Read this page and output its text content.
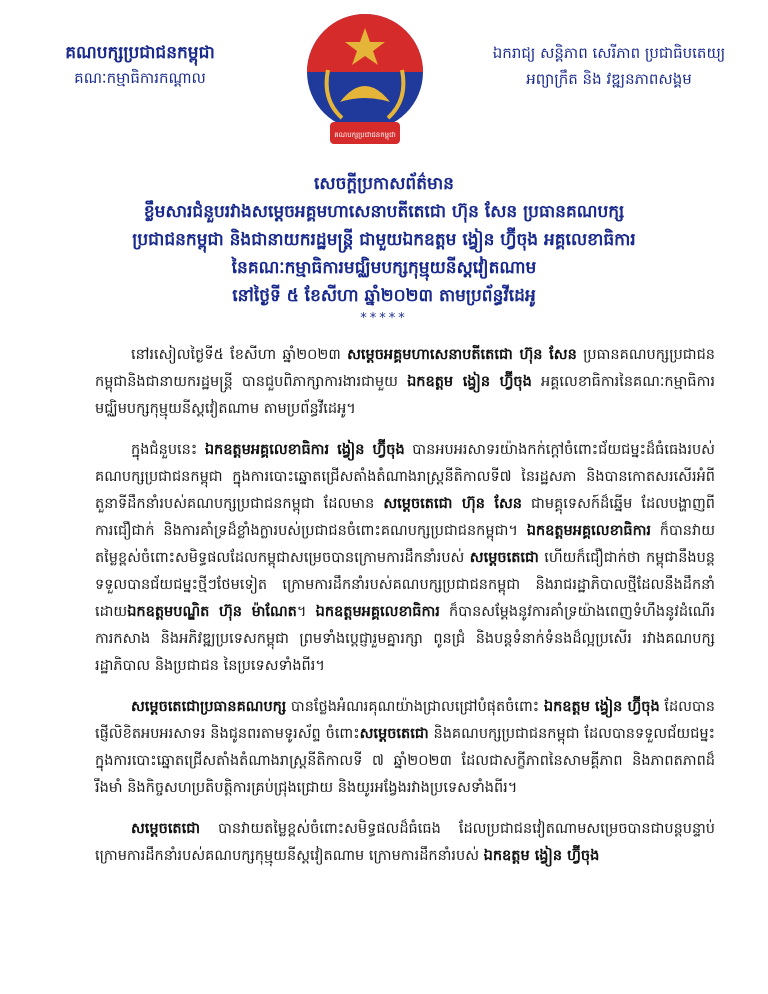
គណបក្សប្រជាជនកម្ពុជា
គណៈកម្មាធិការកណ្ដាល
គណបក្សប្រជាជនកម្ពុជា
ឯករាជ្យ សន្តិភាព សេរីភាព ប្រជាធិបតេយ្យ
អព្យាក្រឹត និង វឌ្ឍនភាពសង្គម
សេចក្តីប្រកាសព័ត៌មាន
ខ្លឹមសារជំនួបរវាងសម្តេចអគ្គមហាសេនាបតីតេជោ ហ៊ុន សែន ប្រធានគណបក្ស
ប្រជាជនកម្ពុជា និងជានាយករដ្ឋមន្រ្តី ជាមួយឯកឧត្តម ង្វៀន ហ្វ៊ីចុង អគ្គលេខាធិការ
នៃគណៈកម្មាធិការមជ្ឈិមបក្សកុម្មុយនីស្តវៀតណាម
នៅថ្ងៃទី ៥ ខែសីហា ឆ្នាំ២០២៣ តាមប្រព័ន្ធវីដេអូ
*****

នៅរសៀលថ្ងៃទី៥ ខែសីហា ឆ្នាំ២០២៣ សម្តេចអគ្គមហាសេនាបតីតេជោ ហ៊ុន សែន ប្រធានគណបក្សប្រជាជនកម្ពុជានិងជានាយករដ្ឋមន្ត្រី បានជួបពិភាក្សាការងារជាមួយ ឯកឧត្តម ង្វៀន ហ្វ៊ីចុង អគ្គលេខាធិការនៃគណៈកម្មាធិការមជ្ឈិមបក្សកុម្មុយនីស្តវៀតណាម តាមប្រព័ន្ធវីដេអូ។

ក្នុងជំនួបនេះ ឯកឧត្តមអគ្គលេខាធិការ ង្វៀន ហ្វ៊ីចុង បានអបអរសាទរយ៉ាងកក់ក្តៅចំពោះជ័យជម្នះដ៏ធំធេងរបស់គណបក្សប្រជាជនកម្ពុជា ក្នុងការបោះឆ្នោតជ្រើសតាំងតំណាងរាស្ត្រនីតិកាលទី៧ នៃរដ្ឋសភា និងបានកោតសរសើរអំពីតួនាទីដឹកនាំរបស់គណបក្សប្រជាជនកម្ពុជា ដែលមាន សម្តេចតេជោ ហ៊ុន សែន ជាមគ្គុទេសក៍ដ៏ឆ្នើម ដែលបង្ហាញពីការជឿជាក់ និងការគាំទ្រដ៏ខ្លាំងក្លារបស់ប្រជាជនចំពោះគណបក្សប្រជាជនកម្ពុជា។ ឯកឧត្តមអគ្គលេខាធិការ ក៏បានវាយតម្លៃខ្ពស់ចំពោះសមិទ្ធផលដែលកម្ពុជាសម្រេចបានក្រោមការដឹកនាំរបស់ សម្តេចតេជោ ហើយក៏ជឿជាក់ថា កម្ពុជានឹងបន្តទទួលបានជ័យជម្នះថ្មីៗថែមទៀត ក្រោមការដឹកនាំរបស់គណបក្សប្រជាជនកម្ពុជា និងរាជរដ្ឋាភិបាលថ្មីដែលនឹងដឹកនាំដោយឯកឧត្តមបណ្ឌិត ហ៊ុន ម៉ាណែត។ ឯកឧត្តមអគ្គលេខាធិការ ក៏បានសម្តែងនូវការគាំទ្រយ៉ាងពេញទំហឹងនូវដំណើរការកសាង និងអភិវឌ្ឍប្រទេសកម្ពុជា ព្រមទាំងប្តេជ្ញារួមគ្នារក្សា ពូនជ្រំ និងបន្តទំនាក់ទំនងដ៏ល្អប្រសើរ រវាងគណបក្ស រដ្ឋាភិបាល និងប្រជាជន នៃប្រទេសទាំងពីរ។

សម្តេចតេជោប្រធានគណបក្ស បានថ្លែងអំណរគុណយ៉ាងជ្រាលជ្រៅបំផុតចំពោះ ឯកឧត្តម ង្វៀន ហ្វ៊ីចុង ដែលបានផ្ញើលិខិតអបអរសាទរ និងជូនពរតាមទូរស័ព្ទ ចំពោះសម្តេចតេជោ និងគណបក្សប្រជាជនកម្ពុជា ដែលបានទទួលជ័យជម្នះក្នុងការបោះឆ្នោតជ្រើសតាំងតំណាងរាស្ត្រនីតិកាលទី ៧ ឆ្នាំ២០២៣ ដែលជាសក្ខីភាពនៃសាមគ្គីភាព និងភាពតភាពដ៏រឹងមាំ និងកិច្ចសហប្រតិបត្តិការគ្រប់ជ្រុងជ្រោយ និងយូរអង្វែងរវាងប្រទេសទាំងពីរ។

សម្តេចតេជោ បានវាយតម្លៃខ្ពស់ចំពោះសមិទ្ធផលដ៏ធំធេង ដែលប្រជាជនវៀតណាមសម្រេចបានជាបន្តបន្ទាប់ក្រោមការដឹកនាំរបស់គណបក្សកុម្មុយនីស្តវៀតណាម ក្រោមការដឹកនាំរបស់ ឯកឧត្តម ង្វៀន ហ្វ៊ីចុង
